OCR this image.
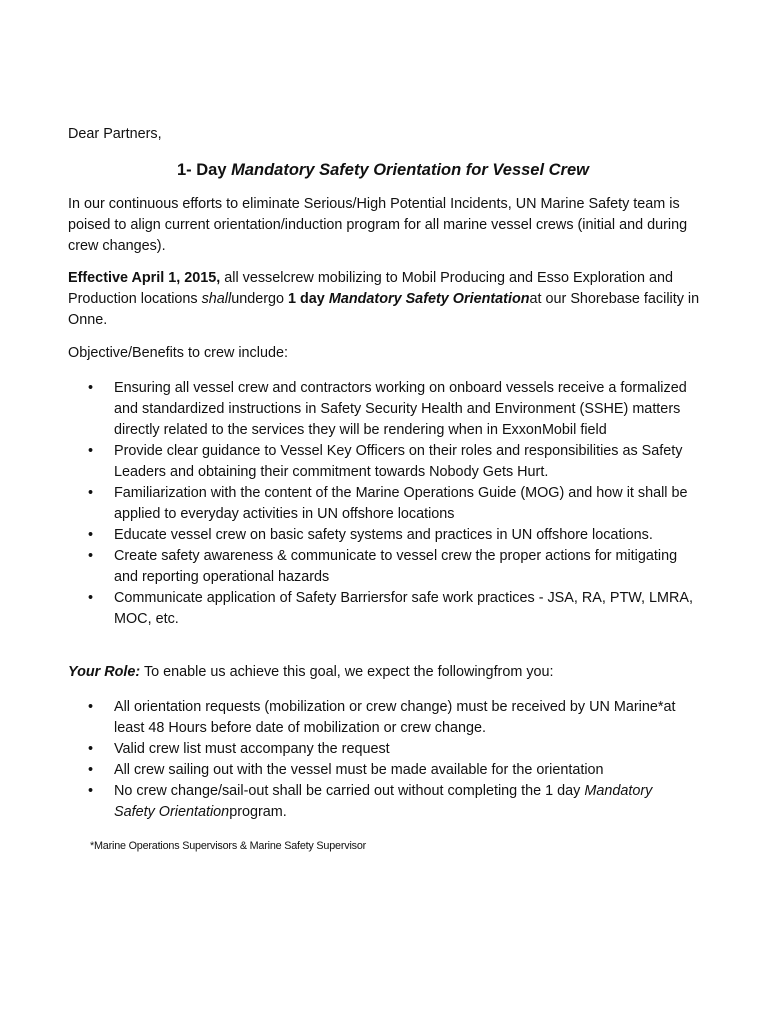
Dear Partners,

1- Day Mandatory Safety Orientation for Vessel Crew

In our continuous efforts to eliminate Serious/High Potential Incidents, UN Marine Safety team is poised to align current orientation/induction program for all marine vessel crews (initial and during crew changes).

Effective April 1, 2015, all vesselcrew mobilizing to Mobil Producing and Esso Exploration and Production locations shallundergo 1 day Mandatory Safety Orientationat our Shorebase facility in Onne.

Objective/Benefits to crew include:

• Ensuring all vessel crew and contractors working on onboard vessels receive a formalized and standardized instructions in Safety Security Health and Environment (SSHE) matters directly related to the services they will be rendering when in ExxonMobil field
• Provide clear guidance to Vessel Key Officers on their roles and responsibilities as Safety Leaders and obtaining their commitment towards Nobody Gets Hurt.
• Familiarization with the content of the Marine Operations Guide (MOG) and how it shall be applied to everyday activities in UN offshore locations
• Educate vessel crew on basic safety systems and practices in UN offshore locations.
• Create safety awareness & communicate to vessel crew the proper actions for mitigating and reporting operational hazards
• Communicate application of Safety Barriersfor safe work practices - JSA, RA, PTW, LMRA, MOC, etc.

Your Role: To enable us achieve this goal, we expect the followingfrom you:

• All orientation requests (mobilization or crew change) must be received by UN Marine*at least 48 Hours before date of mobilization or crew change.
• Valid crew list must accompany the request
• All crew sailing out with the vessel must be made available for the orientation
• No crew change/sail-out shall be carried out without completing the 1 day Mandatory Safety Orientationprogram.

*Marine Operations Supervisors & Marine Safety Supervisor
